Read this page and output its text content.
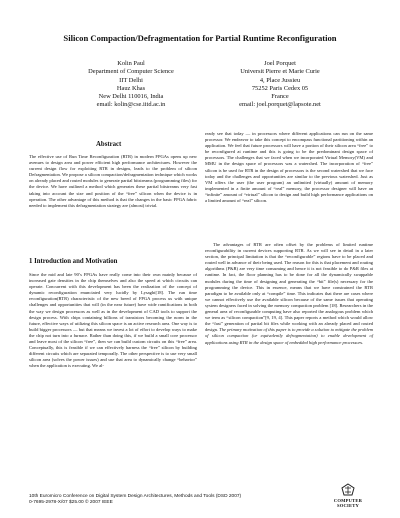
Silicon Compaction/Defragmentation for Partial Runtime Reconfiguration
Kolin Paul
Department of Computer Science
IIT Delhi
Hauz Khas
New Delhi 110016, India
email: kolin@cse.iitd.ac.in
Joel Porquet
Universit Pierre et Marie Curie
4, Place Jussieu
75252 Paris Cedex 05
France
email: joel.porquet@lapsote.net
Abstract

The effective use of Run Time Reconfiguration (RTR) in modern FPGAs opens up new avenues to design area and power efficient high performance architectures. However the current design flow for exploiting RTR in designs, leads to the problem of silicon Defragmentation. We propose a silicon compaction/defragmentation technique which works on already placed and routed modules to generate partial bitstreams (programming files) for the device. We have outlined a method which generates these partial bitstreams very fast taking into account the size and position of the “free” silicon when the device is in operation. The other advantage of this method is that the changes in the basic FPGA fabric needed to implement this defragmentation strategy are (almost) trivial.

1 Introduction and Motivation

Since the mid and late 90’s FPGAs have really come into their own mainly because of increased gate densities in the chip themselves and also the speed at which circuits can operate. Concurrent with this development has been the realization of the concept of dynamic reconfiguration enunciated very lucidly by Lysaght[18]. The run time reconfiguration(RTR) characteristic of the new breed of FPGA process us with unique challenges and opportunities that will (in the near future) have wide ramifications in both the way we design processors as well as in the development of CAD tools to support the design process. With chips containing billions of transistors becoming the norm in the future, effective ways of utilizing this silicon space is an active research area. One way is to build bigger processors — but that means we invest a lot of effort to develop ways to make the chip not turn into a furnace. Rather than doing this, if we build a small core processor and leave most of the silicon “free”, then we can build custom circuits on this “free” area. Conceptually, this is feasible if we can effectively harness the “free” silicon by building different circuits which are separated temporally. The other perspective is to use very small silicon area (solves the power issues) and use that area to dynamically change “behavior” when the application is executing. We al-

ready see that today — in processors where different applications can run on the same processor. We endeavor to take this concept to encompass functional partitioning within an application. We feel that future processors will have a portion of their silicon area “free” to be reconfigured at runtime and this is going to be the predominant design space of processors. The challenges that we faced when we incorporated Virtual Memory(VM) and MMU in the design space of processors was a watershed. The incorporation of “free” silicon is be used for RTR in the design of processors is the second watershed that we face today and the challenges and opportunities are similar to the previous watershed. Just as VM offers the user (the user program) an unlimited (virtually) amount of memory implemented in a finite amount of “real” memory, the processor designer will have an “infinite” amount of “virtual” silicon to design and build high performance applications on a limited amount of “real” silicon.

The advantages of RTR are often offset by the problems of limited runtime reconfigurability in current devices supporting RTR. As we will see in detail in a later section, the principal limitation is that the “reconfigurable” regions have to be placed and routed well in advance of their being used. The reason for this is that placement and routing algorithms (P&R) are very time consuming and hence it is not feasible to do P&R files at runtime. In fact, the floor planning has to be done for all the dynamically swappable modules during the time of designing and generating the “bit” file(s) necessary for the programming the device. This in essence, means that we have constrained the RTR paradigm to be available only at “compile” time. This indicates that there are cases where we cannot effectively use the available silicon because of the same issues that operating system designers faced in solving the memory compaction problem [18]. Researchers in the general area of reconfigurable computing have also reported the analogous problem which we term as “silicon compaction”[9, 19, 4]. This paper reports a method which would allow the “fast” generation of partial bit files while working with an already placed and routed design. The primary motivation of this paper is to provide a solution to mitigate the problem of silicon compaction (or equivalently defragmentation) to enable development of applications using RTR in the design space of embedded high performance processors.

10th Euromicro Conference on Digital System Design Architectures, Methods and Tools (DSD 2007)
0-7695-2978-X/07 $25.00 © 2007 IEEE	COMPUTER
SOCIETY
